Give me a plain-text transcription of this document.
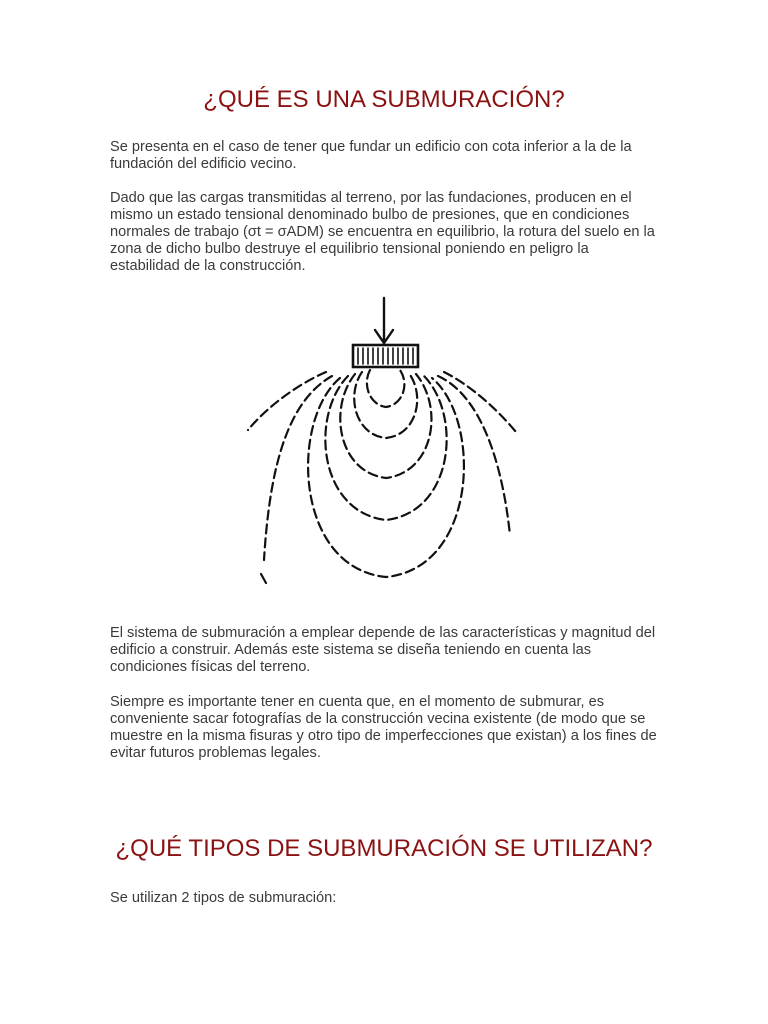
¿QUÉ ES UNA SUBMURACIÓN?

Se presenta en el caso de tener que fundar un edificio con cota inferior a la de la fundación del edificio vecino.

Dado que las cargas transmitidas al terreno, por las fundaciones, producen en el mismo un estado tensional denominado bulbo de presiones, que en condiciones normales de trabajo (σt = σADM) se encuentra en equilibrio, la rotura del suelo en la zona de dicho bulbo destruye el equilibrio tensional poniendo en peligro la estabilidad de la construcción.

El sistema de submuración a emplear depende de las características y magnitud del edificio a construir. Además este sistema se diseña teniendo en cuenta las condiciones físicas del terreno.

Siempre es importante tener en cuenta que, en el momento de submurar, es conveniente sacar fotografías de la construcción vecina existente (de modo que se muestre en la misma fisuras y otro tipo de imperfecciones que existan) a los fines de evitar futuros problemas legales.

¿QUÉ TIPOS DE SUBMURACIÓN SE UTILIZAN?

Se utilizan 2 tipos de submuración:
